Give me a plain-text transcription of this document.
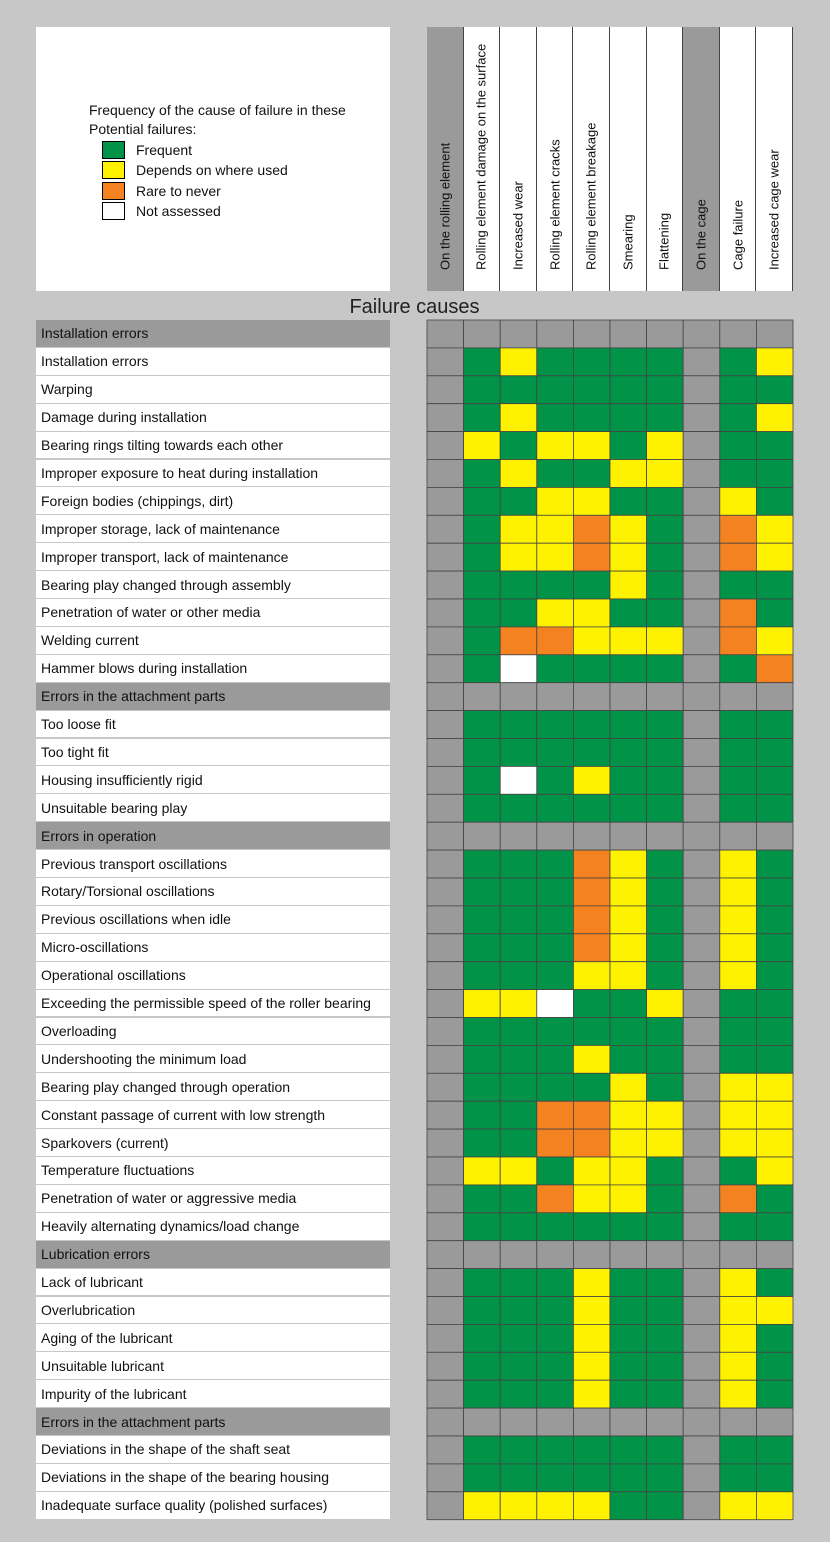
Frequency of the cause of failure in these
Potential failures:
Frequent
Depends on where used
Rare to never
Not assessed	On the rolling element Rolling element damage on the surface Increased wear Rolling element cracks Rolling element breakage Smearing Flattening On the cage Cage failure Increased cage wear
Failure causes
Installation errors
Installation errors
Warping
Damage during installation
Bearing rings tilting towards each other
Improper exposure to heat during installation
Foreign bodies (chippings, dirt)
Improper storage, lack of maintenance
Improper transport, lack of maintenance
Bearing play changed through assembly
Penetration of water or other media
Welding current
Hammer blows during installation
Errors in the attachment parts
Too loose fit
Too tight fit
Housing insufficiently rigid
Unsuitable bearing play
Errors in operation
Previous transport oscillations
Rotary/Torsional oscillations
Previous oscillations when idle
Micro-oscillations
Operational oscillations
Exceeding the permissible speed of the roller bearing
Overloading
Undershooting the minimum load
Bearing play changed through operation
Constant passage of current with low strength
Sparkovers (current)
Temperature fluctuations
Penetration of water or aggressive media
Heavily alternating dynamics/load change
Lubrication errors
Lack of lubricant
Overlubrication
Aging of the lubricant
Unsuitable lubricant
Impurity of the lubricant
Errors in the attachment parts
Deviations in the shape of the shaft seat
Deviations in the shape of the bearing housing
Inadequate surface quality (polished surfaces)
